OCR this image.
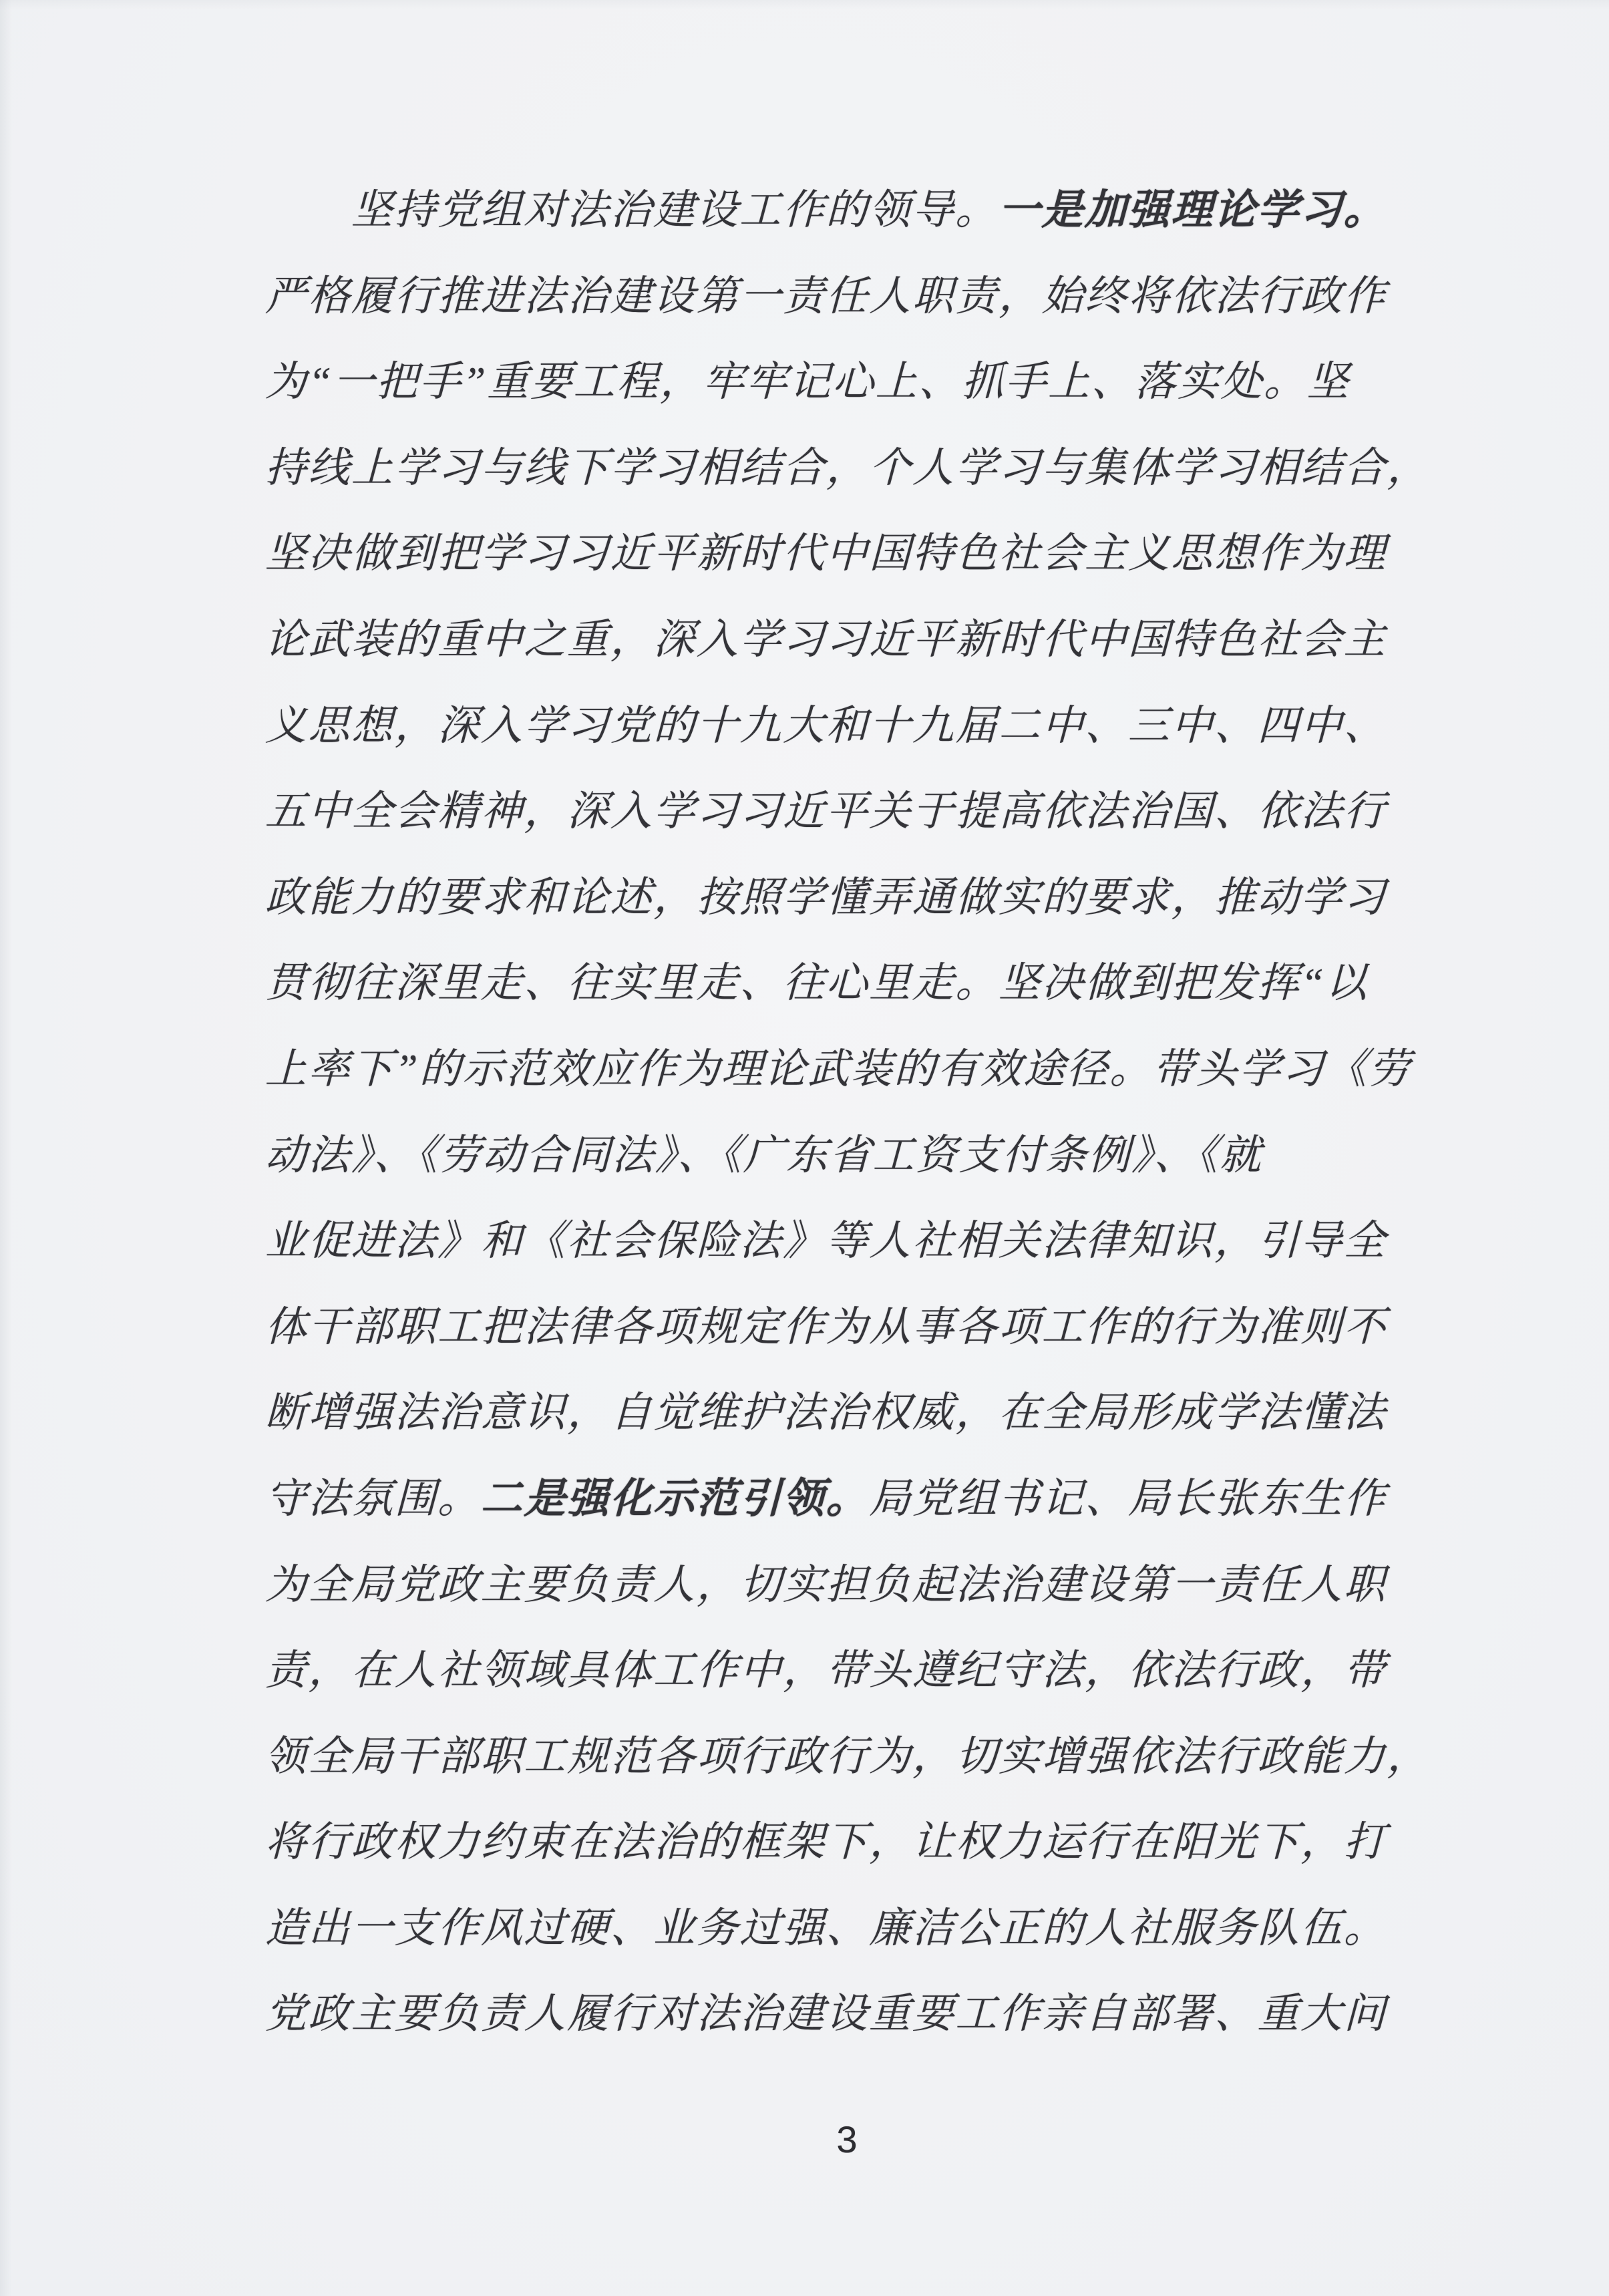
坚持党组对法治建设工作的领导。一是加强理论学习。
严格履行推进法治建设第一责任人职责，始终将依法行政作
为“一把手”重要工程，牢牢记心上、抓手上、落实处。坚
持线上学习与线下学习相结合，个人学习与集体学习相结合，
坚决做到把学习习近平新时代中国特色社会主义思想作为理
论武装的重中之重，深入学习习近平新时代中国特色社会主
义思想，深入学习党的十九大和十九届二中、三中、四中、
五中全会精神，深入学习习近平关于提高依法治国、依法行
政能力的要求和论述，按照学懂弄通做实的要求，推动学习
贯彻往深里走、往实里走、往心里走。坚决做到把发挥“以
上率下”的示范效应作为理论武装的有效途径。带头学习《劳
动法》、《劳动合同法》、《广东省工资支付条例》、《就
业促进法》和《社会保险法》等人社相关法律知识，引导全
体干部职工把法律各项规定作为从事各项工作的行为准则不
断增强法治意识，自觉维护法治权威，在全局形成学法懂法
守法氛围。二是强化示范引领。局党组书记、局长张东生作
为全局党政主要负责人，切实担负起法治建设第一责任人职
责，在人社领域具体工作中，带头遵纪守法，依法行政，带
领全局干部职工规范各项行政行为，切实增强依法行政能力，
将行政权力约束在法治的框架下，让权力运行在阳光下，打
造出一支作风过硬、业务过强、廉洁公正的人社服务队伍。
党政主要负责人履行对法治建设重要工作亲自部署、重大问
3
